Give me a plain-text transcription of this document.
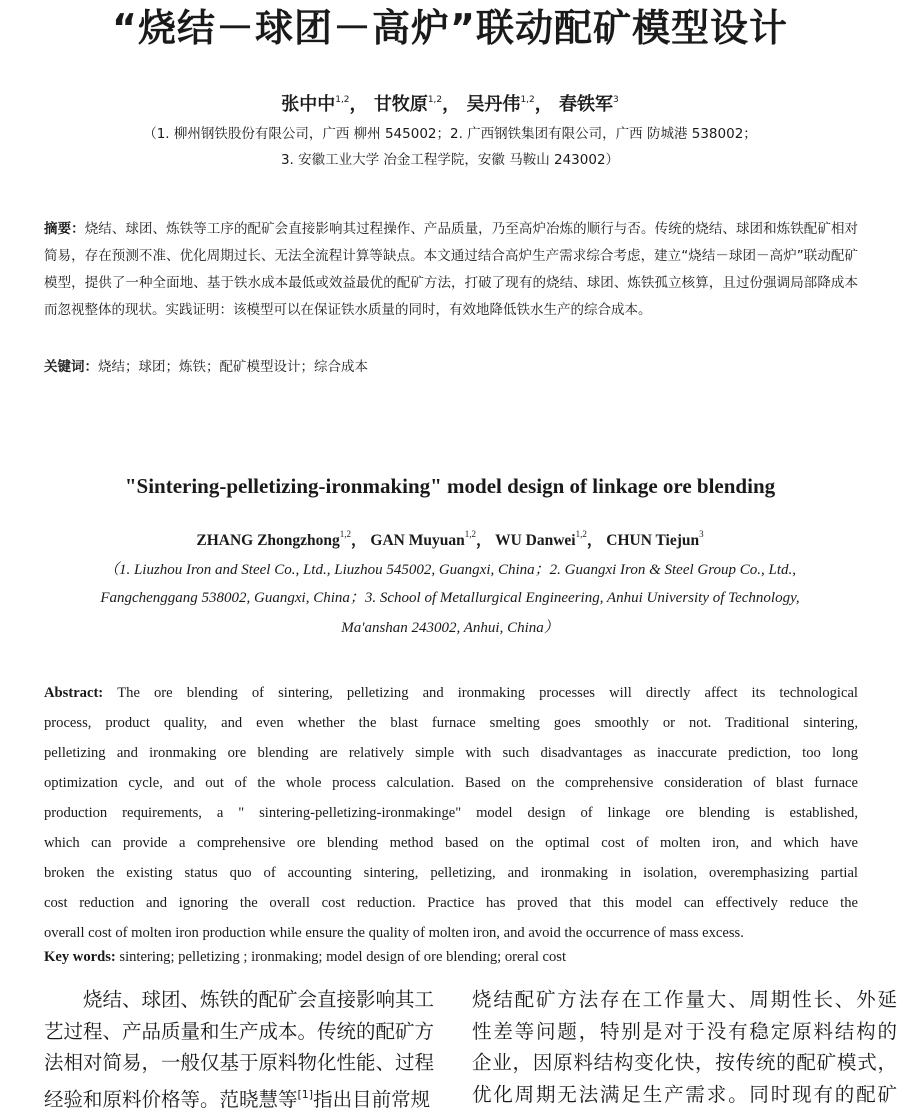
“烧结－球团－高炉”联动配矿模型设计
张中中$^{1,2}$， 甘牧原$^{1,2}$， 吴丹伟$^{1,2}$， 春铁军$^3$
（1. 柳州钢铁股份有限公司，广西 柳州 545002；2. 广西钢铁集团有限公司，广西 防城港 538002；
3. 安徽工业大学 冶金工程学院，安徽 马鞍山 243002）
摘要：烧结、球团、炼铁等工序的配矿会直接影响其过程操作、产品质量，乃至高炉冶炼的顺行与否。传统的烧结、球团和炼铁配矿相对简易，存在预测不准、优化周期过长、无法全流程计算等缺点。本文通过结合高炉生产需求综合考虑，建立“烧结－球团－高炉”联动配矿模型，提供了一种全面地、基于铁水成本最低或效益最优的配矿方法，打破了现有的烧结、球团、炼铁孤立核算，且过份强调局部降成本而忽视整体的现状。实践证明：该模型可以在保证铁水质量的同时，有效地降低铁水生产的综合成本。
关键词：烧结；球团；炼铁；配矿模型设计；综合成本
"Sintering-pelletizing-ironmaking" model design of linkage ore blending
ZHANG Zhongzhong$^{1,2}$， GAN Muyuan$^{1,2}$， WU Danwei$^{1,2}$， CHUN Tiejun$^3$
（1. Liuzhou Iron and Steel Co., Ltd., Liuzhou 545002, Guangxi, China；2. Guangxi Iron & Steel Group Co., Ltd.,
Fangchenggang 538002, Guangxi, China；3. School of Metallurgical Engineering, Anhui University of Technology,
Ma'anshan 243002, Anhui, China）
Abstract: The ore blending of sintering, pelletizing and ironmaking processes will directly affect its technological
process, product quality, and even whether the blast furnace smelting goes smoothly or not. Traditional sintering,
pelletizing and ironmaking ore blending are relatively simple with such disadvantages as inaccurate prediction, too long
optimization cycle, and out of the whole process calculation. Based on the comprehensive consideration of blast furnace
production requirements, a " sintering-pelletizing-ironmakinge" model design of linkage ore blending is established,
which can provide a comprehensive ore blending method based on the optimal cost of molten iron, and which have
broken the existing status quo of accounting sintering, pelletizing, and ironmaking in isolation, overemphasizing partial
cost reduction and ignoring the overall cost reduction. Practice has proved that this model can effectively reduce the
overall cost of molten iron production while ensure the quality of molten iron, and avoid the occurrence of mass excess.
Key words: sintering; pelletizing ; ironmaking; model design of ore blending; oreral cost
　　烧结、球团、炼铁的配矿会直接影响其工
艺过程、产品质量和生产成本。传统的配矿方
法相对简易，一般仅基于原料物化性能、过程
经验和原料价格等。范晓慧等[1]指出目前常规
烧结配矿方法存在工作量大、周期性长、外延
性差等问题，特别是对于没有稳定原料结构的
企业，因原料结构变化快，按传统的配矿模式，
优化周期无法满足生产需求。同时现有的配矿
